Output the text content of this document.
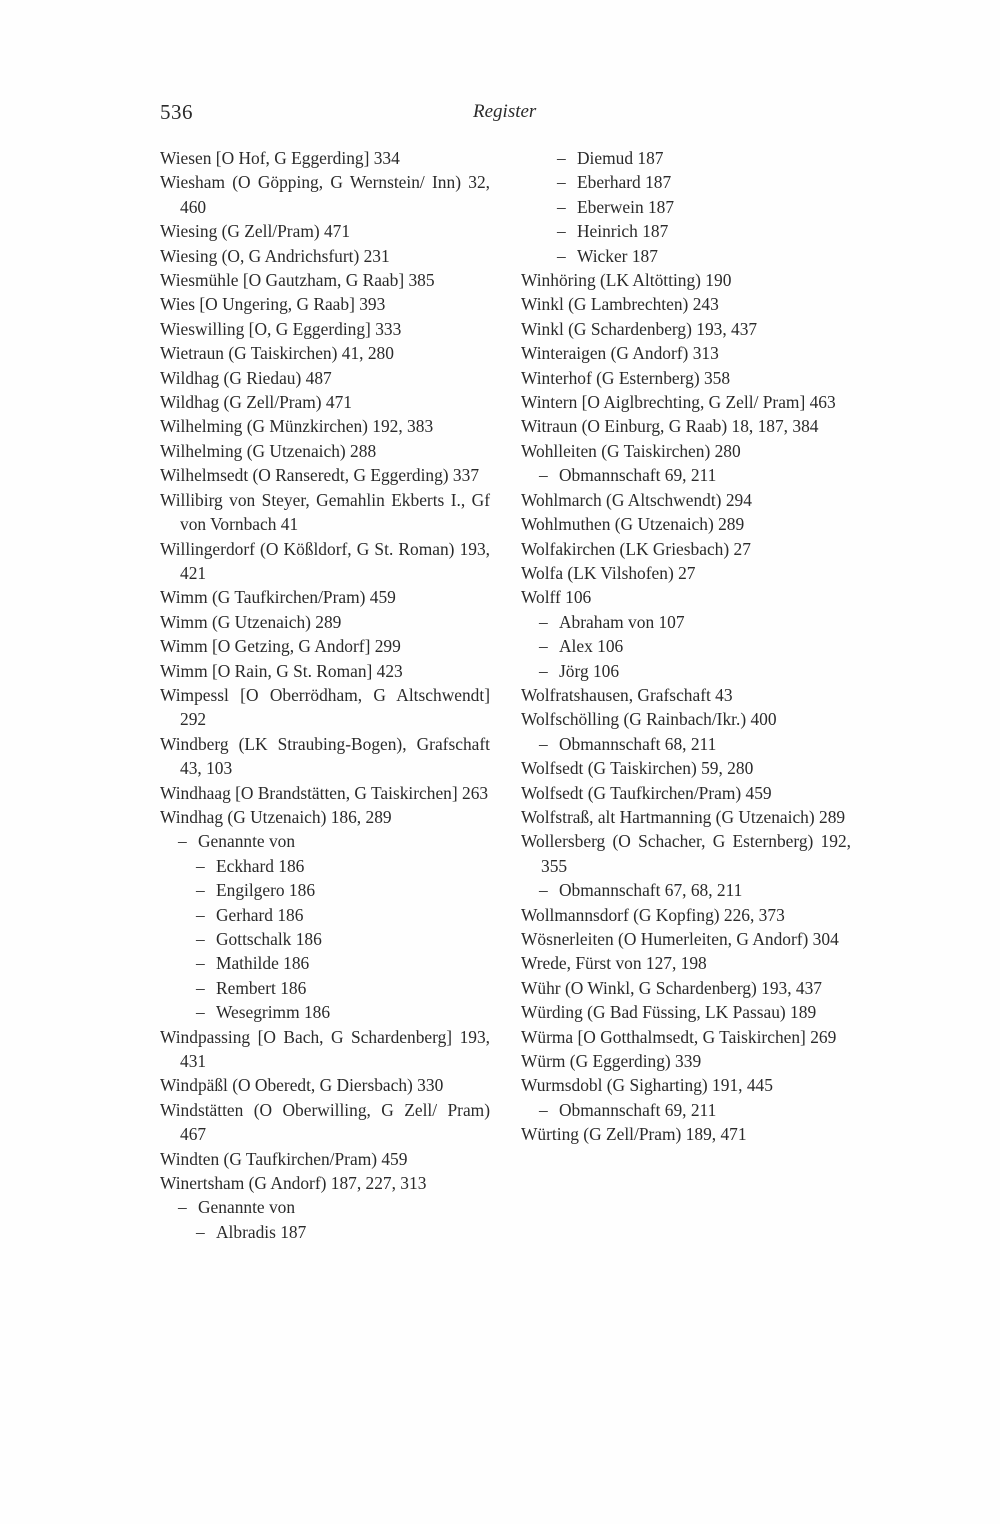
536	Register
Wiesen [O Hof, G Eggerding] 334
Wiesham (O Göpping, G Wernstein/ Inn) 32, 460
Wiesing (G Zell/Pram) 471
Wiesing (O, G Andrichsfurt) 231
Wiesmühle [O Gautzham, G Raab] 385
Wies [O Ungering, G Raab] 393
Wieswilling [O, G Eggerding] 333
Wietraun (G Taiskirchen) 41, 280
Wildhag (G Riedau) 487
Wildhag (G Zell/Pram) 471
Wilhelming (G Münzkirchen) 192, 383
Wilhelming (G Utzenaich) 288
Wilhelmsedt (O Ranseredt, G Eggerding) 337
Willibirg von Steyer, Gemahlin Ekberts I., Gf von Vornbach 41
Willingerdorf (O Kößldorf, G St. Roman) 193, 421
Wimm (G Taufkirchen/Pram) 459
Wimm (G Utzenaich) 289
Wimm [O Getzing, G Andorf] 299
Wimm [O Rain, G St. Roman] 423
Wimpessl [O Oberrödham, G Altschwendt] 292
Windberg (LK Straubing-Bogen), Grafschaft 43, 103
Windhaag [O Brandstätten, G Taiskirchen] 263
Windhag (G Utzenaich) 186, 289
– Genannte von
– Eckhard 186
– Engilgero 186
– Gerhard 186
– Gottschalk 186
– Mathilde 186
– Rembert 186
– Wesegrimm 186
Windpassing [O Bach, G Schardenberg] 193, 431
Windpäßl (O Oberedt, G Diersbach) 330
Windstätten (O Oberwilling, G Zell/ Pram) 467
Windten (G Taufkirchen/Pram) 459
Winertsham (G Andorf) 187, 227, 313
– Genannte von
– Albradis 187
– Diemud 187
– Eberhard 187
– Eberwein 187
– Heinrich 187
– Wicker 187
Winhöring (LK Altötting) 190
Winkl (G Lambrechten) 243
Winkl (G Schardenberg) 193, 437
Winteraigen (G Andorf) 313
Winterhof (G Esternberg) 358
Wintern [O Aiglbrechting, G Zell/ Pram] 463
Witraun (O Einburg, G Raab) 18, 187, 384
Wohlleiten (G Taiskirchen) 280
– Obmannschaft 69, 211
Wohlmarch (G Altschwendt) 294
Wohlmuthen (G Utzenaich) 289
Wolfakirchen (LK Griesbach) 27
Wolfa (LK Vilshofen) 27
Wolff 106
– Abraham von 107
– Alex 106
– Jörg 106
Wolfratshausen, Grafschaft 43
Wolfschölling (G Rainbach/Ikr.) 400
– Obmannschaft 68, 211
Wolfsedt (G Taiskirchen) 59, 280
Wolfsedt (G Taufkirchen/Pram) 459
Wolfstraß, alt Hartmanning (G Utzenaich) 289
Wollersberg (O Schacher, G Esternberg) 192, 355
– Obmannschaft 67, 68, 211
Wollmannsdorf (G Kopfing) 226, 373
Wösnerleiten (O Humerleiten, G Andorf) 304
Wrede, Fürst von 127, 198
Wühr (O Winkl, G Schardenberg) 193, 437
Würding (G Bad Füssing, LK Passau) 189
Würma [O Gotthalmsedt, G Taiskirchen] 269
Würm (G Eggerding) 339
Wurmsdobl (G Sigharting) 191, 445
– Obmannschaft 69, 211
Würting (G Zell/Pram) 189, 471
